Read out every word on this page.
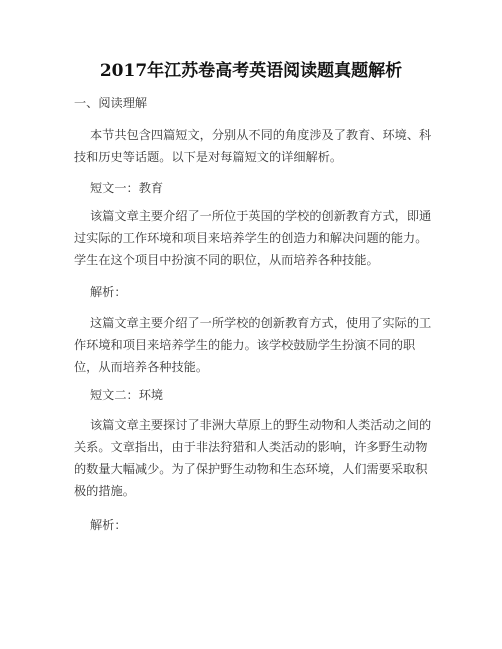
2017年江苏卷高考英语阅读题真题解析

一、阅读理解

本节共包含四篇短文，分别从不同的角度涉及了教育、环境、科技和历史等话题。以下是对每篇短文的详细解析。

短文一：教育

该篇文章主要介绍了一所位于英国的学校的创新教育方式，即通过实际的工作环境和项目来培养学生的创造力和解决问题的能力。学生在这个项目中扮演不同的职位，从而培养各种技能。

解析：

这篇文章主要介绍了一所学校的创新教育方式，使用了实际的工作环境和项目来培养学生的能力。该学校鼓励学生扮演不同的职位，从而培养各种技能。

短文二：环境

该篇文章主要探讨了非洲大草原上的野生动物和人类活动之间的关系。文章指出，由于非法狩猎和人类活动的影响，许多野生动物的数量大幅减少。为了保护野生动物和生态环境，人们需要采取积极的措施。

解析：
